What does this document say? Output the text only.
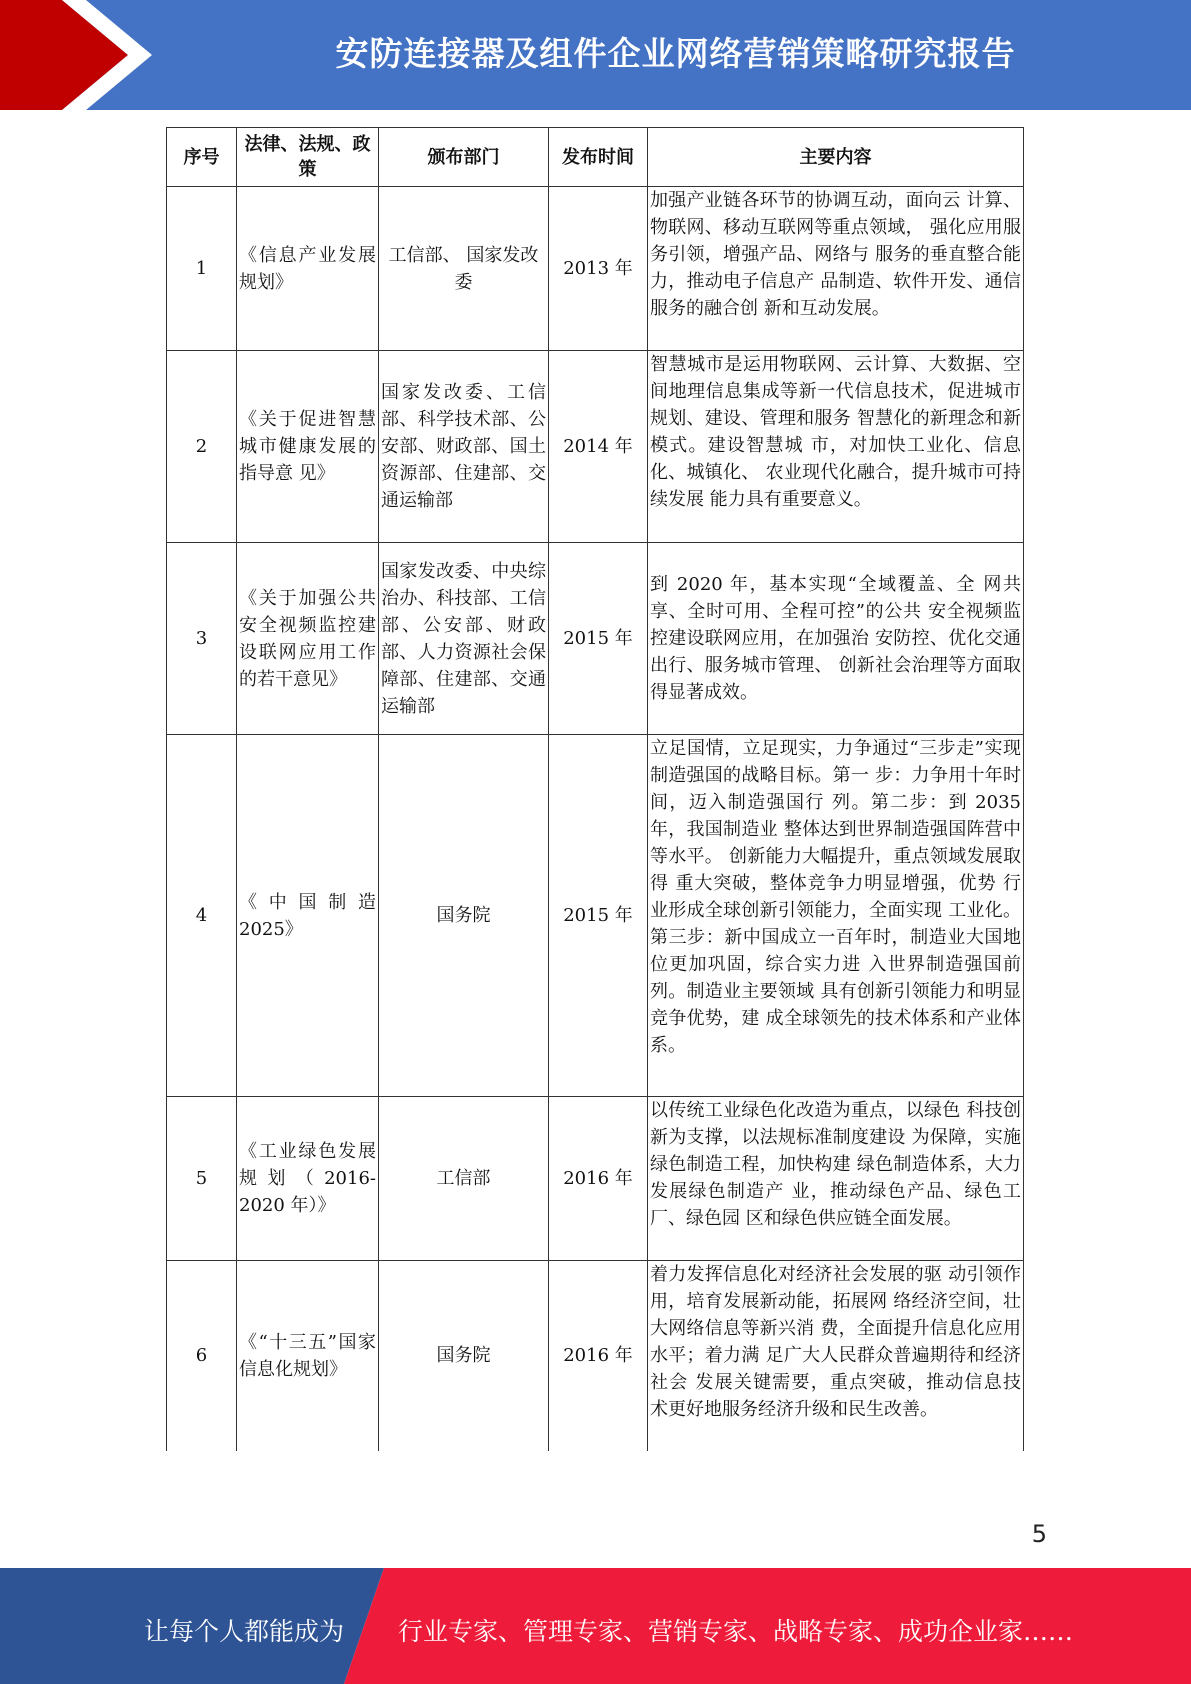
安防连接器及组件企业网络营销策略研究报告
序号	法律、法规、政策	颁布部门	发布时间	主要内容
1	《信息产业发展规划》	工信部、 国家发改委	2013 年	加强产业链各环节的协调互动，面向云 计算、物联网、移动互联网等重点领域， 强化应用服务引领，增强产品、网络与 服务的垂直整合能力，推动电子信息产 品制造、软件开发、通信服务的融合创 新和互动发展。
2	《关于促进智慧城市健康发展的指导意 见》	国家发改委、工信部、科学技术部、公安部、财政部、国土资源部、住建部、交通运输部	2014 年	智慧城市是运用物联网、云计算、大数据、空间地理信息集成等新一代信息技术，促进城市规划、建设、管理和服务 智慧化的新理念和新模式。建设智慧城 市，对加快工业化、信息化、城镇化、 农业现代化融合，提升城市可持续发展 能力具有重要意义。
3	《关于加强公共安全视频监控建设联网应用工作的若干意见》	国家发改委、中央综治办、科技部、工信部、公安部、财政部、人力资源社会保障部、住建部、交通运输部	2015 年	到 2020 年，基本实现“全域覆盖、全 网共享、全时可用、全程可控”的公共 安全视频监控建设联网应用，在加强治 安防控、优化交通出行、服务城市管理、 创新社会治理等方面取得显著成效。
4	《中国制造 2025》	国务院	2015 年	立足国情，立足现实，力争通过“三步走”实现制造强国的战略目标。第一 步：力争用十年时间，迈入制造强国行 列。第二步：到 2035 年，我国制造业 整体达到世界制造强国阵营中等水平。 创新能力大幅提升，重点领域发展取得 重大突破，整体竞争力明显增强，优势 行业形成全球创新引领能力，全面实现 工业化。第三步：新中国成立一百年时，制造业大国地位更加巩固，综合实力进 入世界制造强国前列。制造业主要领域 具有创新引领能力和明显竞争优势，建 成全球领先的技术体系和产业体系。
5	《工业绿色发展规划（2016-2020 年）》	工信部	2016 年	以传统工业绿色化改造为重点，以绿色 科技创新为支撑，以法规标准制度建设 为保障，实施绿色制造工程，加快构建 绿色制造体系，大力发展绿色制造产 业，推动绿色产品、绿色工厂、绿色园 区和绿色供应链全面发展。
6	《“十三五”国家信息化规划》	国务院	2016 年	着力发挥信息化对经济社会发展的驱 动引领作用，培育发展新动能，拓展网 络经济空间，壮大网络信息等新兴消 费，全面提升信息化应用水平；着力满 足广大人民群众普遍期待和经济社会 发展关键需要，重点突破，推动信息技 术更好地服务经济升级和民生改善。
5
让每个人都能成为 行业专家、管理专家、营销专家、战略专家、成功企业家……
